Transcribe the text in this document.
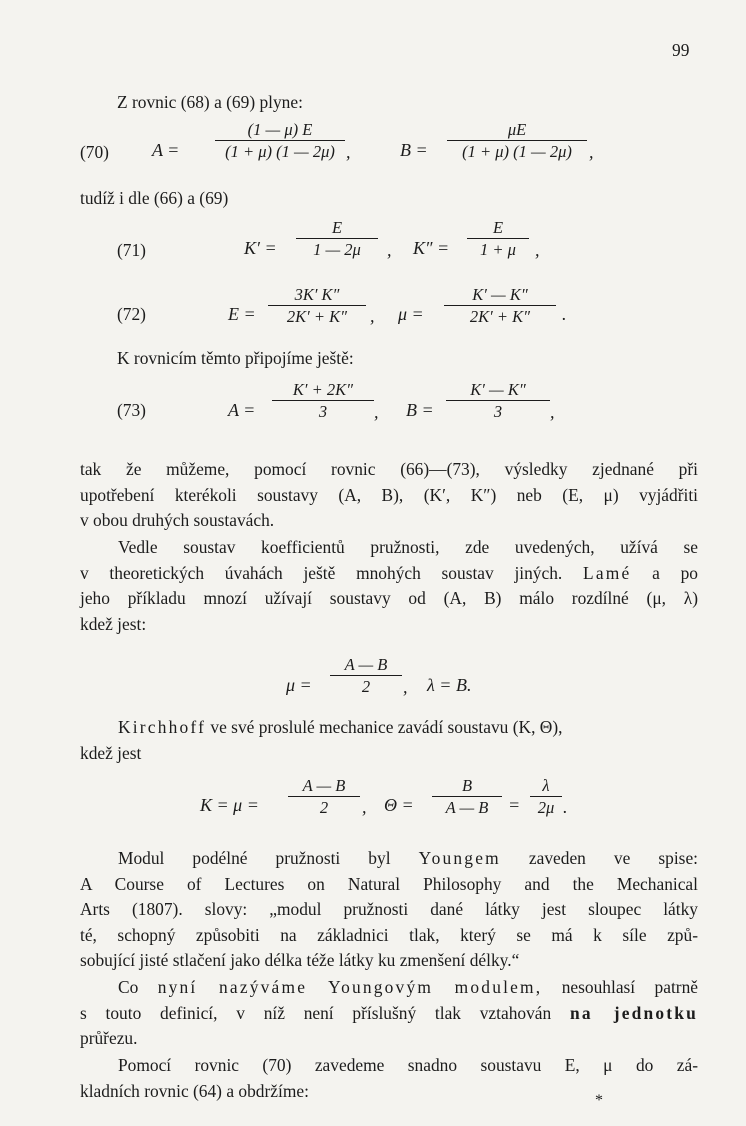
99
Z rovnic (68) a (69) plyne:
(70) A =
(1 — μ) E
(1 + μ) (1 — 2μ) ,	B =
μE
(1 + μ) (1 — 2μ) ,
tudíž i dle (66) a (69)
(71)	K′ =
E
1 — 2μ	, K″ =
E
1 + μ	,
(72)	E =
3K′ K″
2K′ + K″	, μ =
K′ — K″
2K′ + K″	.
K rovnicím těmto připojíme ještě:
(73)	A =
K′ + 2K″
3	, B =
K′ — K″
3	,
tak že můžeme, pomocí rovnic (66)—(73), výsledky zjednané při
upotřebení kterékoli soustavy (A, B), (K′, K″) neb (E, μ) vyjádřiti
v obou druhých soustavách.
Vedle soustav koefficientů pružnosti, zde uvedených, užívá se
v theoretických úvahách ještě mnohých soustav jiných. Lamé a po
jeho příkladu mnozí užívají soustavy od (A, B) málo rozdílné (μ, λ)
kdež jest:
μ =
A — B
2	, λ = B.
Kirchhoff ve své proslulé mechanice zavádí soustavu (K, Θ),
kdež jest
K = μ =
A — B
2	, Θ =
B
A — B	=
λ
2μ .
Modul podélné pružnosti byl Youngem zaveden ve spise:
A Course of Lectures on Natural Philosophy and the Mechanical
Arts (1807). slovy: „modul pružnosti dané látky jest sloupec látky
té, schopný způsobiti na základnici tlak, který se má k síle způ-
sobující jisté stlačení jako délka téže látky ku zmenšení délky.“
Co nyní nazýváme Youngovým modulem, nesouhlasí patrně
s touto definicí, v níž není příslušný tlak vztahován na jednotku
průřezu.
Pomocí rovnic (70) zavedeme snadno soustavu E, μ do zá-
kladních rovnic (64) a obdržíme:	*
